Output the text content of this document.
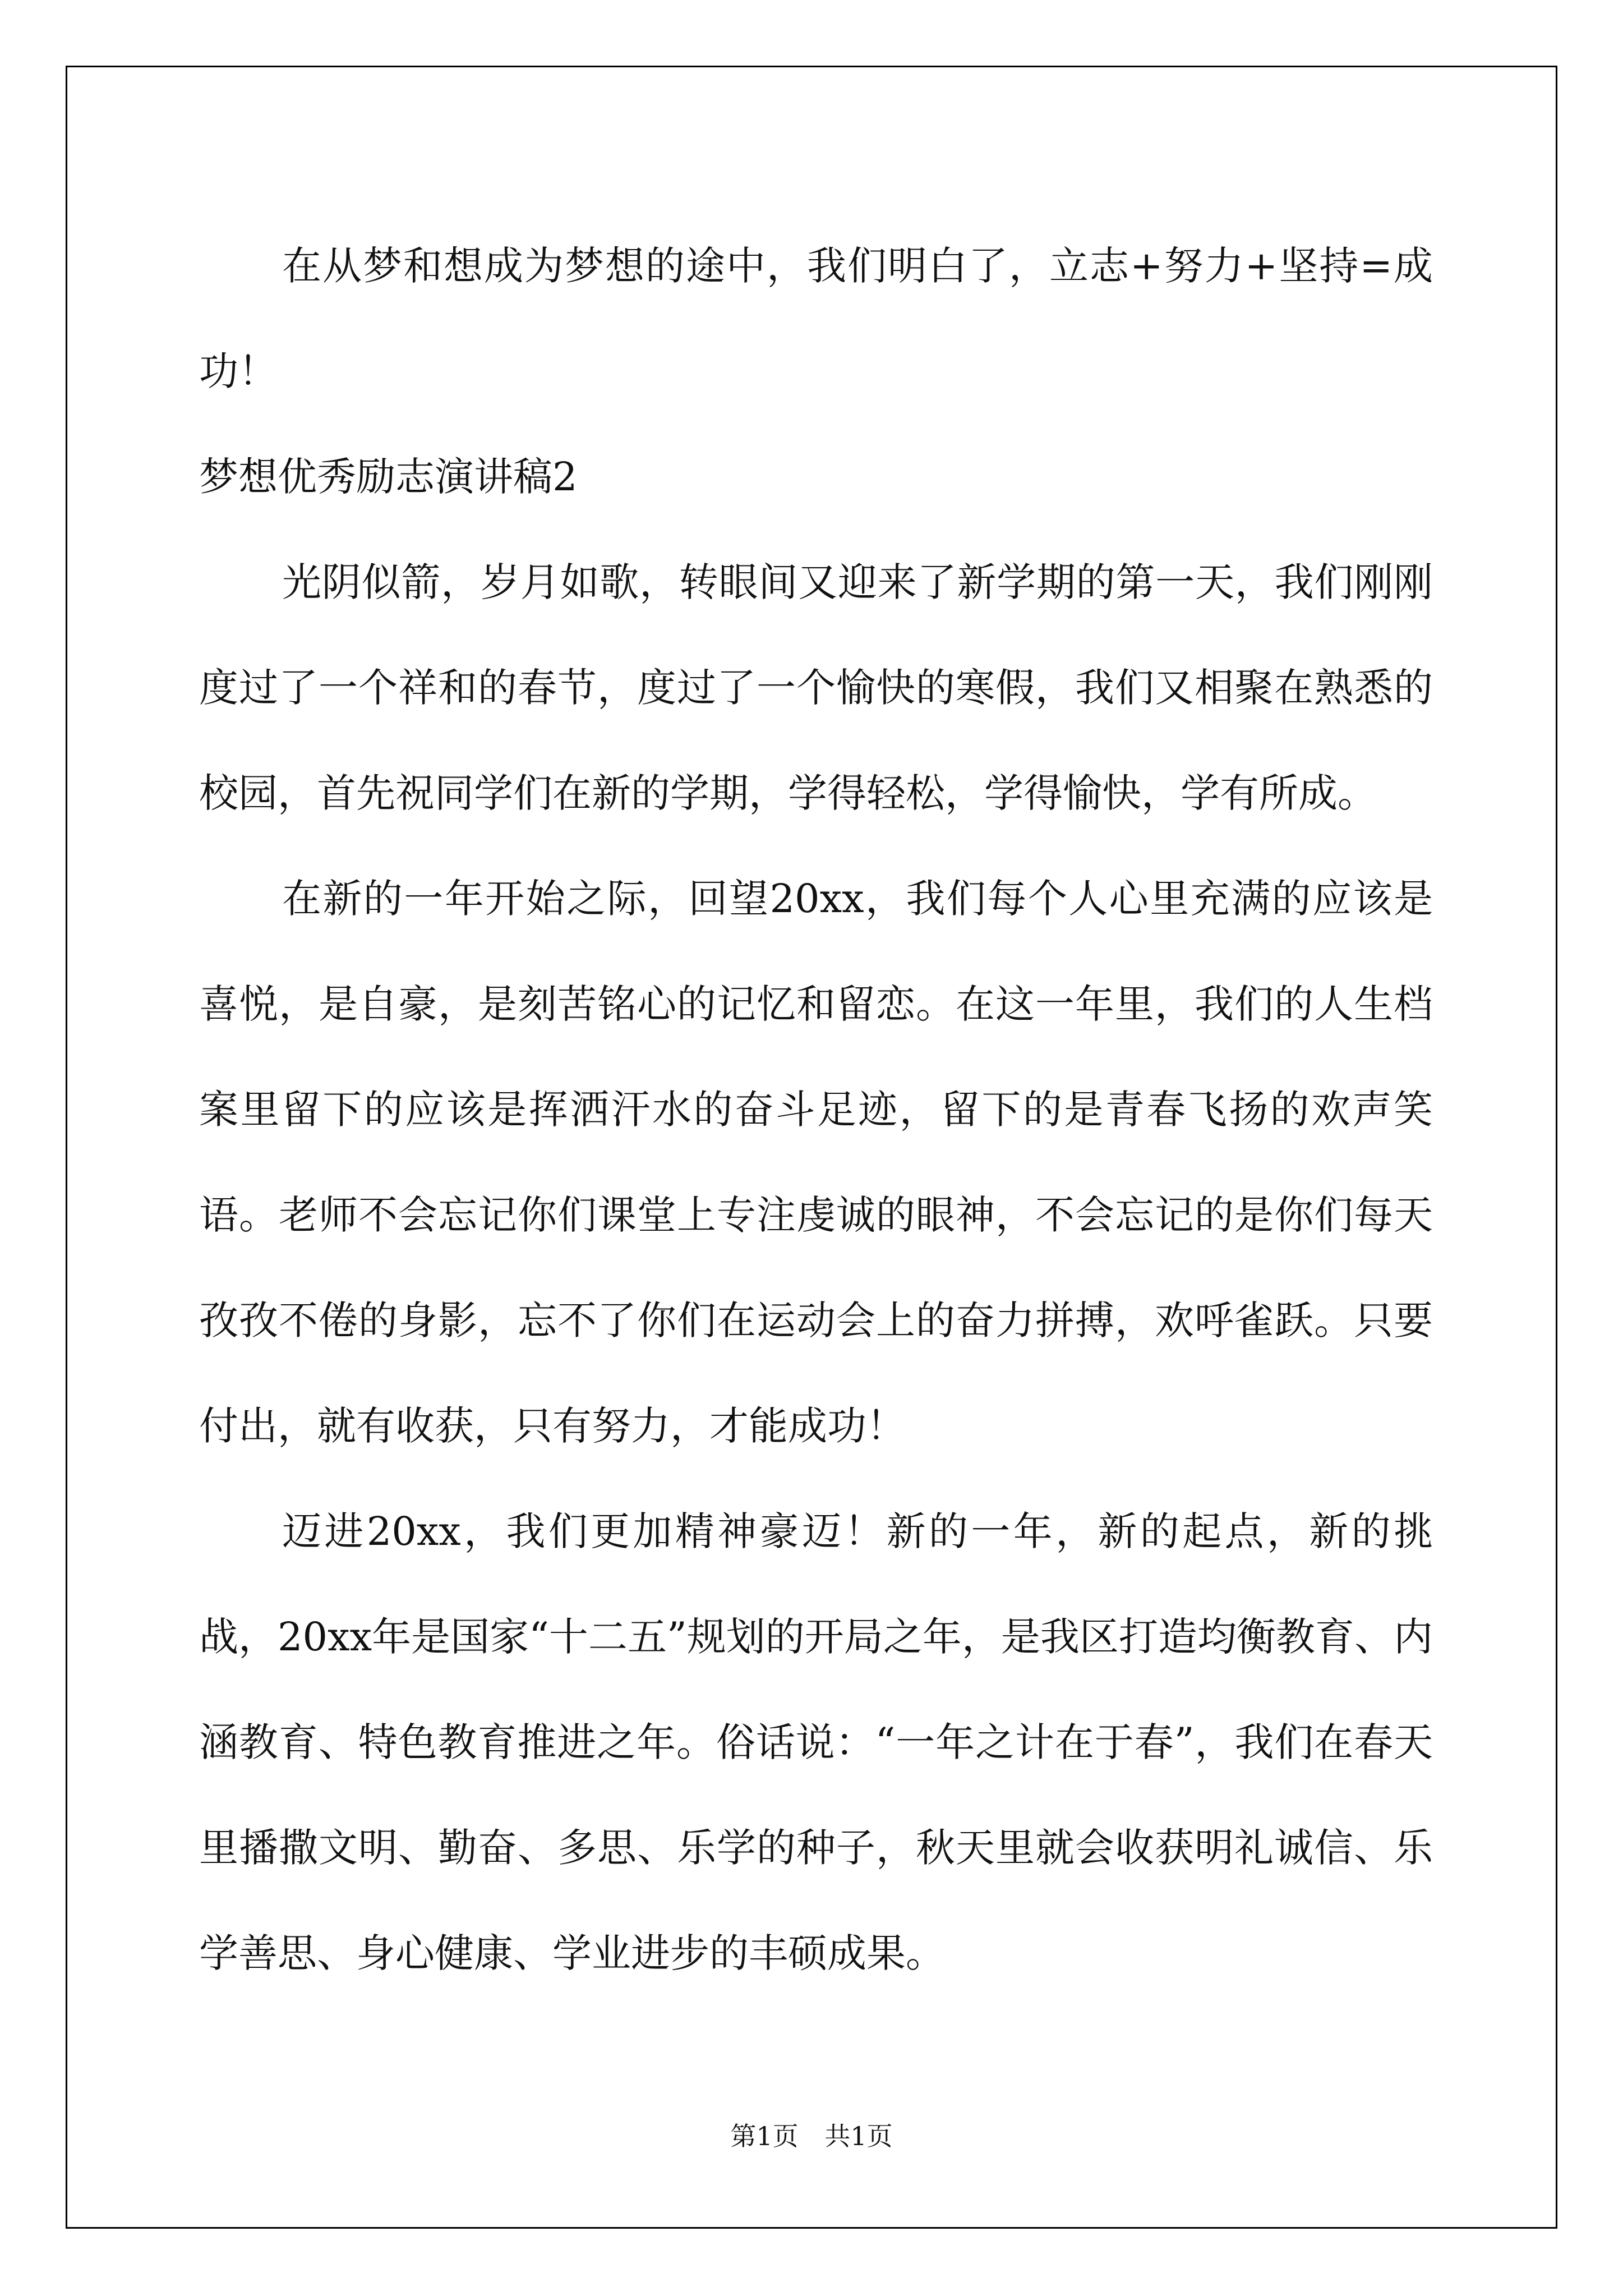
在从梦和想成为梦想的途中，我们明白了，立志+努力+坚持=成功！

梦想优秀励志演讲稿2

光阴似箭，岁月如歌，转眼间又迎来了新学期的第一天，我们刚刚度过了一个祥和的春节，度过了一个愉快的寒假，我们又相聚在熟悉的校园，首先祝同学们在新的学期，学得轻松，学得愉快，学有所成。

在新的一年开始之际，回望20xx，我们每个人心里充满的应该是喜悦，是自豪，是刻苦铭心的记忆和留恋。在这一年里，我们的人生档案里留下的应该是挥洒汗水的奋斗足迹，留下的是青春飞扬的欢声笑语。老师不会忘记你们课堂上专注虔诚的眼神，不会忘记的是你们每天孜孜不倦的身影，忘不了你们在运动会上的奋力拼搏，欢呼雀跃。只要付出，就有收获，只有努力，才能成功！

迈进20xx，我们更加精神豪迈！新的一年，新的起点，新的挑战，20xx年是国家“十二五”规划的开局之年，是我区打造均衡教育、内涵教育、特色教育推进之年。俗话说：“一年之计在于春”，我们在春天里播撒文明、勤奋、多思、乐学的种子，秋天里就会收获明礼诚信、乐学善思、身心健康、学业进步的丰硕成果。

第1页 共1页
